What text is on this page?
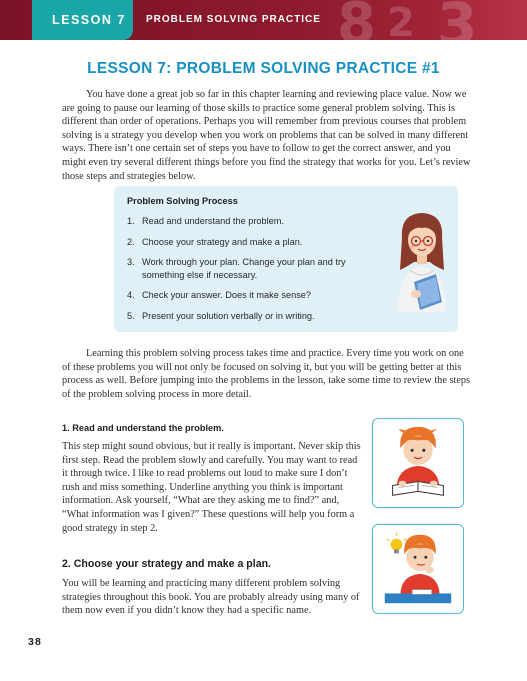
8 2 3
LESSON 7	PROBLEM SOLVING PRACTICE
LESSON 7: PROBLEM SOLVING PRACTICE #1

You have done a great job so far in this chapter learning and reviewing place value. Now we are going to pause our learning of those skills to practice some general problem solving. This is different than order of operations. Perhaps you will remember from previous courses that problem solving is a strategy you develop when you work on problems that can be solved in many different ways. There isn’t one certain set of steps you have to follow to get the correct answer, and you might even try several different things before you find the strategy that works for you. Let’s review those steps and strategies below.

Problem Solving Process
1. Read and understand the problem.
2. Choose your strategy and make a plan.
3. Work through your plan. Change your plan and try something else if necessary.
4. Check your answer. Does it make sense?
5. Present your solution verbally or in writing.

Learning this problem solving process takes time and practice. Every time you work on one of these problems you will not only be focused on solving it, but you will be getting better at this process as well. Before jumping into the problems in the lesson, take some time to review the steps of the problem solving process in more detail.

1. Read and understand the problem.

This step might sound obvious, but it really is important. Never skip this first step. Read the problem slowly and carefully. You may want to read it through twice. I like to read problems out loud to make sure I don’t rush and miss something. Underline anything you think is important information. Ask yourself, “What are they asking me to find?” and, “What information was I given?” These questions will help you form a good strategy in step 2.

2. Choose your strategy and make a plan.

You will be learning and practicing many different problem solving strategies throughout this book. You are probably already using many of them now even if you didn’t know they had a specific name.

38
